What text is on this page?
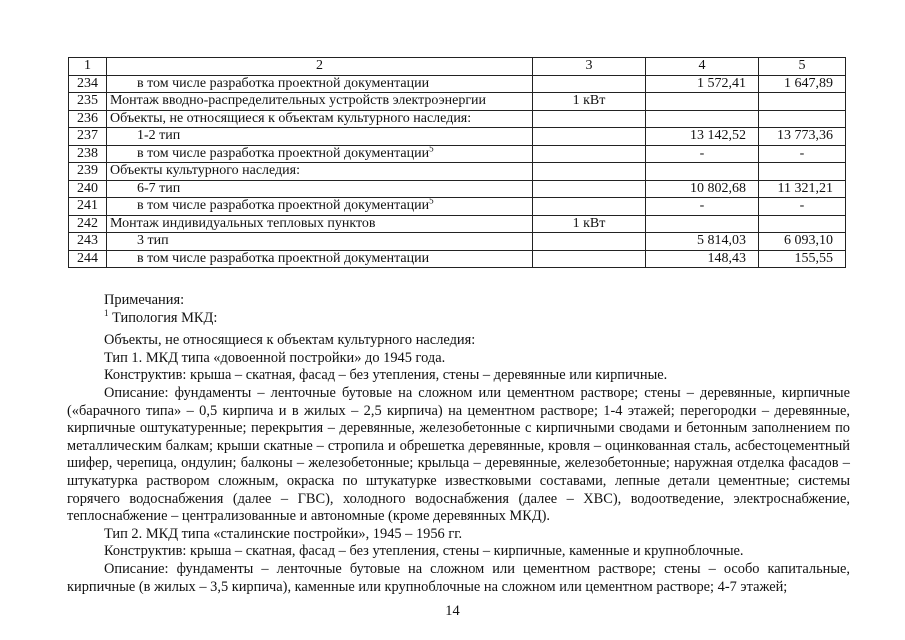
1	2	3	4	5
234	в том числе разработка проектной документации		1 572,41	1 647,89
235	Монтаж вводно-распределительных устройств электроэнергии	1 кВт		
236	Объекты, не относящиеся к объектам культурного наследия:			
237	1-2 тип		13 142,52	13 773,36
238	в том числе разработка проектной документации$^5$		-	-
239	Объекты культурного наследия:			
240	6-7 тип		10 802,68	11 321,21
241	в том числе разработка проектной документации$^5$		-	-
242	Монтаж индивидуальных тепловых пунктов	1 кВт		
243	3 тип		5 814,03	6 093,10
244	в том числе разработка проектной документации		148,43	155,55

Примечания:

$^1$ Типология МКД:

Объекты, не относящиеся к объектам культурного наследия:

Тип 1. МКД типа «довоенной постройки» до 1945 года.

Конструктив: крыша – скатная, фасад – без утепления, стены – деревянные или кирпичные.

Описание: фундаменты – ленточные бутовые на сложном или цементном растворе; стены – деревянные, кирпичные («барачного типа» – 0,5 кирпича и в жилых – 2,5 кирпича) на цементном растворе; 1-4 этажей; перегородки – деревянные, кирпичные оштукатуренные; перекрытия – деревянные, железобетонные с кирпичными сводами и бетонным заполнением по металлическим балкам; крыши скатные – стропила и обрешетка деревянные, кровля – оцинкованная сталь, асбестоцементный шифер, черепица, ондулин; балконы – железобетонные; крыльца – деревянные, железобетонные; наружная отделка фасадов – штукатурка раствором сложным, окраска по штукатурке известковыми составами, лепные детали цементные; системы горячего водоснабжения (далее – ГВС), холодного водоснабжения (далее – ХВС), водоотведение, электроснабжение, теплоснабжение – централизованные и автономные (кроме деревянных МКД).

Тип 2. МКД типа «сталинские постройки», 1945 – 1956 гг.

Конструктив: крыша – скатная, фасад – без утепления, стены – кирпичные, каменные и крупноблочные.

Описание: фундаменты – ленточные бутовые на сложном или цементном растворе; стены – особо капитальные, кирпичные (в жилых – 3,5 кирпича), каменные или крупноблочные на сложном или цементном растворе; 4-7 этажей;

14
